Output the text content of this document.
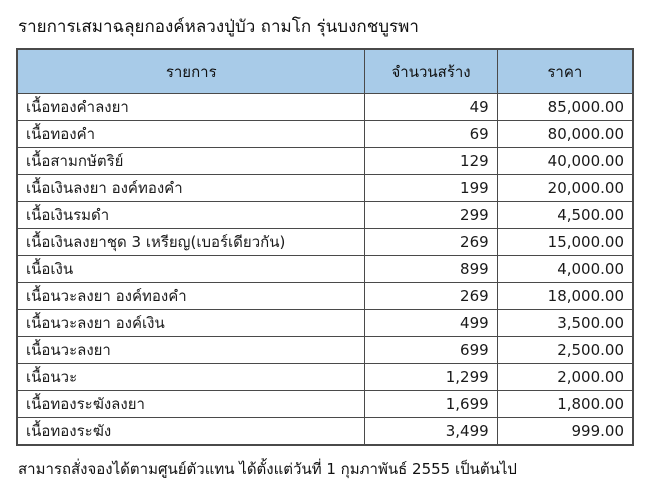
รายการเสมาฉลุยกองค์หลวงปู่บัว ถามโก รุ่นบงกชบูรพา
รายการ	จำนวนสร้าง	ราคา
เนื้อทองคำลงยา	49	85,000.00
เนื้อทองคำ	69	80,000.00
เนื้อสามกษัตริย์	129	40,000.00
เนื้อเงินลงยา องค์ทองคำ	199	20,000.00
เนื้อเงินรมดำ	299	4,500.00
เนื้อเงินลงยาชุด 3 เหรียญ(เบอร์เดียวกัน)	269	15,000.00
เนื้อเงิน	899	4,000.00
เนื้อนวะลงยา องค์ทองคำ	269	18,000.00
เนื้อนวะลงยา องค์เงิน	499	3,500.00
เนื้อนวะลงยา	699	2,500.00
เนื้อนวะ	1,299	2,000.00
เนื้อทองระฆังลงยา	1,699	1,800.00
เนื้อทองระฆัง	3,499	999.00
สามารถสั่งจองได้ตามศูนย์ตัวแทน ได้ตั้งแต่วันที่ 1 กุมภาพันธ์ 2555 เป็นต้นไป
